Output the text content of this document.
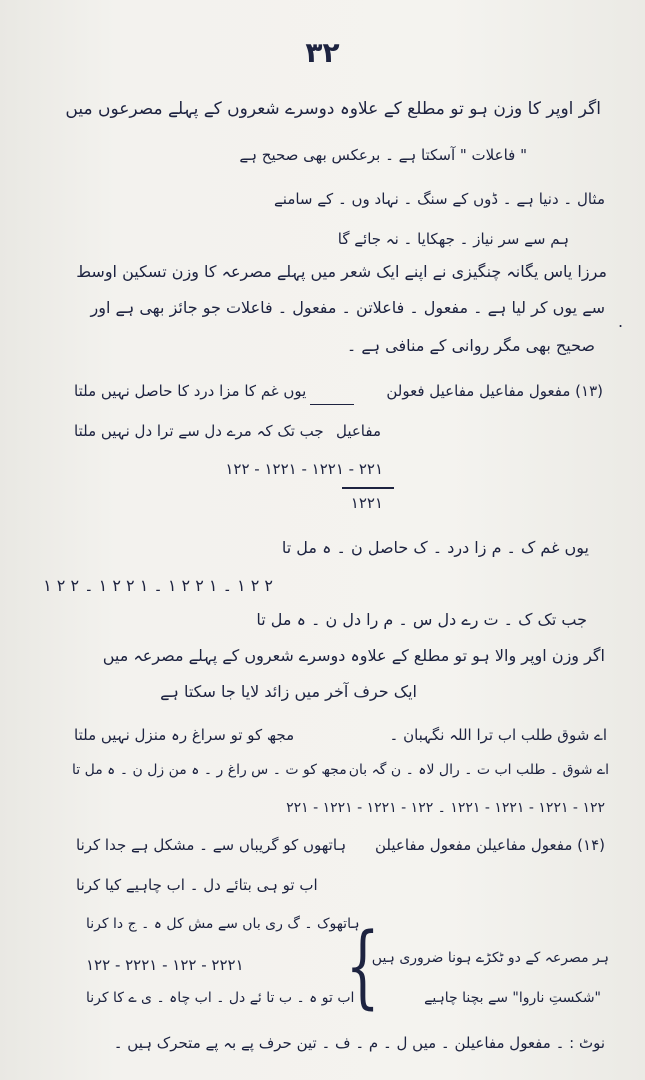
۳۲
اگر اوپر کا وزن ہو تو مطلع کے علاوہ دوسرے شعروں کے پہلے مصرعوں میں
" فاعلات " آسکتا ہے ۔ برعکس بھی صحیح ہے
مثال ۔ دنیا ہے ۔ ڈوں کے سنگ ۔ نہاد وں ۔ کے سامنے
ہم سے سر نیاز ۔ جھکایا ۔ نہ جائے گا
مرزا یاس یگانہ چنگیزی نے اپنے ایک شعر میں پہلے مصرعہ کا وزن تسکین اوسط
سے یوں کر لیا ہے ۔ مفعول ۔ فاعلاتن ۔ مفعول ۔ فاعلات جو جائز بھی ہے اور
.
صحیح بھی مگر روانی کے منافی ہے ۔
(۱۳) مفعول مفاعیل مفاعیل فعولن
یوں غم کا مزا درد کا حاصل نہیں ملتا
مفاعیل
جب تک کہ مرے دل سے ترا دل نہیں ملتا
۱۲۲ - ۱۲۲۱ - ۱۲۲۱ - ۲۲۱
۱۲۲۱
یوں غم ک ۔ م زا درد ۔ ک حاصل ن ۔ ہ مل تا
۲ ۲ ۱ ۔ ۱ ۲ ۲ ۱ ۔ ۱ ۲ ۲ ۱ ۔ ۲ ۲ ۱
جب تک ک ۔ ت رے دل س ۔ م را دل ن ۔ ہ مل تا
اگر وزن اوپر والا ہو تو مطلع کے علاوہ دوسرے شعروں کے پہلے مصرعہ میں
ایک حرف آخر میں زائد لایا جا سکتا ہے
اے شوق طلب اب ترا اللہ نگہبان ۔
مجھ کو تو سراغ رہ منزل نہیں ملتا
اے شوق ۔ طلب اب ت ۔ رال لاہ ۔ ن گہ بان
مجھ کو ت ۔ س راغ ر ۔ ہ من زل ن ۔ ہ مل تا
۱۲۲ - ۱۲۲۱ - ۱۲۲۱ - ۱۲۲۱ ۔ ۱۲۲ - ۱۲۲۱ - ۱۲۲۱ - ۲۲۱
(۱۴) مفعول مفاعیلن مفعول مفاعیلن
ہاتھوں کو گریباں سے ۔ مشکل ہے جدا کرنا
اب تو ہی بتائے دل ۔ اب چاہیے کیا کرنا
ہاتھوک ۔ گ ری باں سے مش کل ہ ۔ ج دا کرنا
۱۲۲ - ۲۲۲۱ - ۱۲۲ - ۲۲۲۱
اب تو ہ ۔ ب تا ئے دل ۔ اب چاہ ۔ ی ے کا کرنا
{
ہر مصرعہ کے دو ٹکڑے ہونا ضروری ہیں ۔
"شکستِ ناروا" سے بچنا چاہیے
نوٹ : ۔ مفعول مفاعیلن ۔ میں ل ۔ م ۔ ف ۔ تین حرف پے بہ پے متحرک ہیں ۔
